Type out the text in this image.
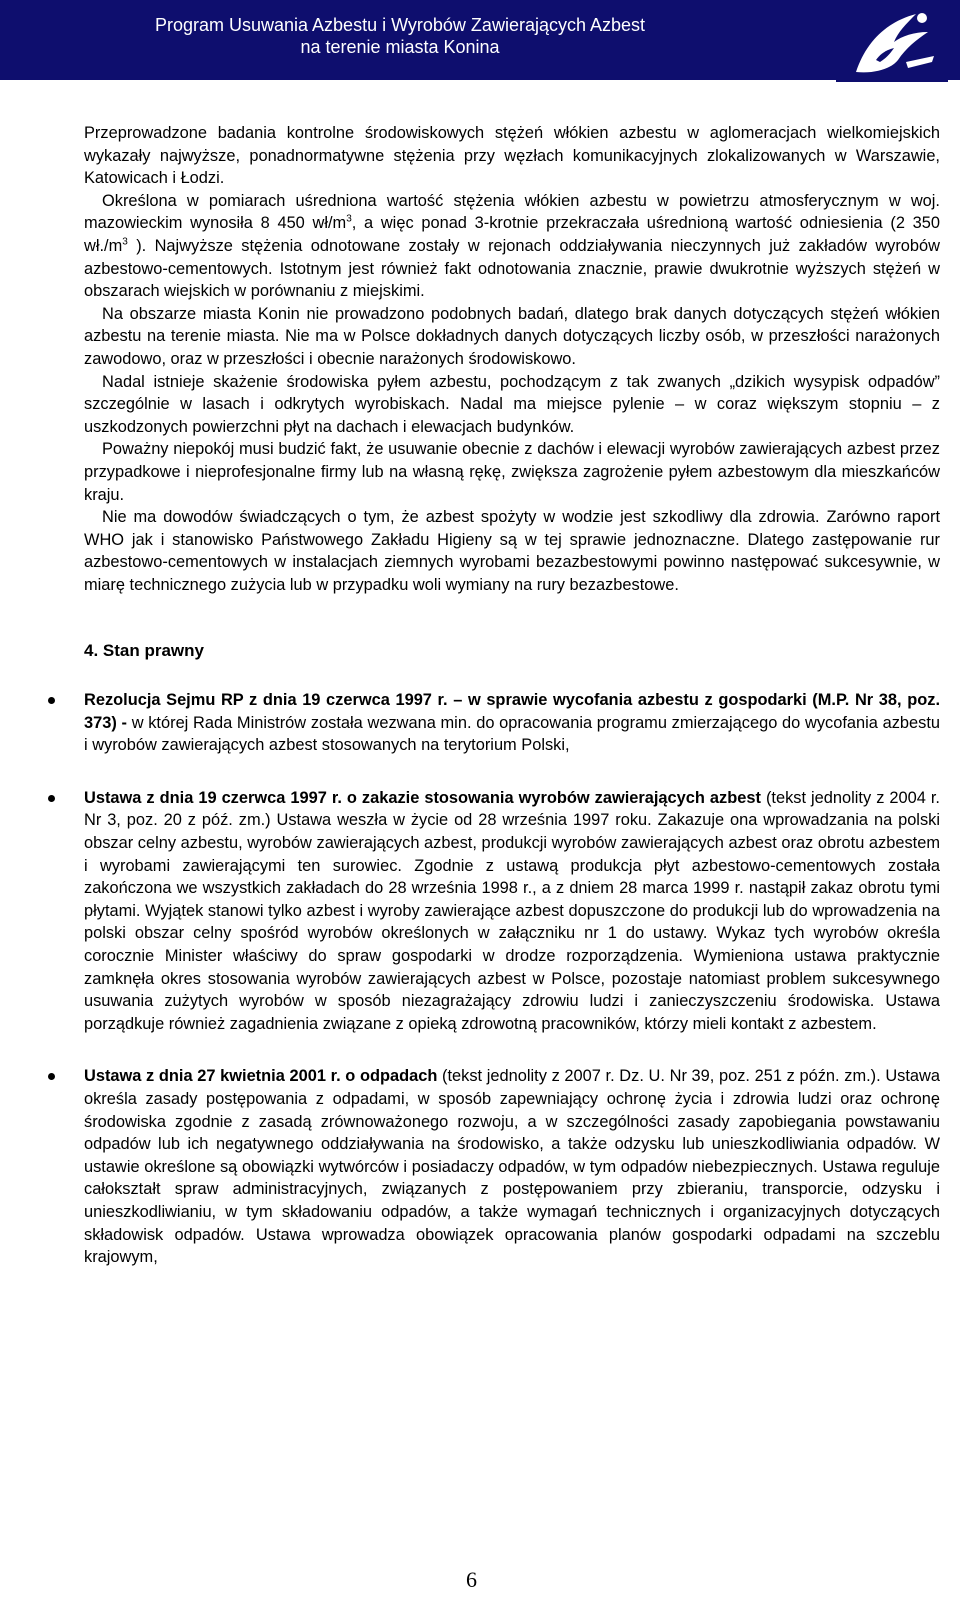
Program Usuwania Azbestu i Wyrobów Zawierających Azbest
na terenie miasta Konina

Przeprowadzone badania kontrolne środowiskowych stężeń włókien azbestu w aglomeracjach wielkomiejskich wykazały najwyższe, ponadnormatywne stężenia przy węzłach komunikacyjnych zlokalizowanych w Warszawie, Katowicach i Łodzi.

Określona w pomiarach uśredniona wartość stężenia włókien azbestu w powietrzu atmosferycznym w woj. mazowieckim wynosiła 8 450 $wł/m^3$, a więc ponad 3-krotnie przekraczała uśrednioną wartość odniesienia (2 350 $wł./m^3$ ). Najwyższe stężenia odnotowane zostały w rejonach oddziaływania nieczynnych już zakładów wyrobów azbestowo-cementowych. Istotnym jest również fakt odnotowania znacznie, prawie dwukrotnie wyższych stężeń w obszarach wiejskich w porównaniu z miejskimi.

Na obszarze miasta Konin nie prowadzono podobnych badań, dlatego brak danych dotyczących stężeń włókien azbestu na terenie miasta. Nie ma w Polsce dokładnych danych dotyczących liczby osób, w przeszłości narażonych zawodowo, oraz w przeszłości i obecnie narażonych środowiskowo.

Nadal istnieje skażenie środowiska pyłem azbestu, pochodzącym z tak zwanych „dzikich wysypisk odpadów” szczególnie w lasach i odkrytych wyrobiskach. Nadal ma miejsce pylenie – w coraz większym stopniu – z uszkodzonych powierzchni płyt na dachach i elewacjach budynków.

Poważny niepokój musi budzić fakt, że usuwanie obecnie z dachów i elewacji wyrobów zawierających azbest przez przypadkowe i nieprofesjonalne firmy lub na własną rękę, zwiększa zagrożenie pyłem azbestowym dla mieszkańców kraju.

Nie ma dowodów świadczących o tym, że azbest spożyty w wodzie jest szkodliwy dla zdrowia. Zarówno raport WHO jak i stanowisko Państwowego Zakładu Higieny są w tej sprawie jednoznaczne. Dlatego zastępowanie rur azbestowo-cementowych w instalacjach ziemnych wyrobami bezazbestowymi powinno następować sukcesywnie, w miarę technicznego zużycia lub w przypadku woli wymiany na rury bezazbestowe.

4. Stan prawny
Rezolucja Sejmu RP z dnia 19 czerwca 1997 r. – w sprawie wycofania azbestu z gospodarki (M.P. Nr 38, poz. 373) - w której Rada Ministrów została wezwana min. do opracowania programu zmierzającego do wycofania azbestu i wyrobów zawierających azbest stosowanych na terytorium Polski,
Ustawa z dnia 19 czerwca 1997 r. o zakazie stosowania wyrobów zawierających azbest (tekst jednolity z 2004 r. Nr 3, poz. 20 z póź. zm.) Ustawa weszła w życie od 28 września 1997 roku. Zakazuje ona wprowadzania na polski obszar celny azbestu, wyrobów zawierających azbest, produkcji wyrobów zawierających azbest oraz obrotu azbestem i wyrobami zawierającymi ten surowiec. Zgodnie z ustawą produkcja płyt azbestowo-cementowych została zakończona we wszystkich zakładach do 28 września 1998 r., a z dniem 28 marca 1999 r. nastąpił zakaz obrotu tymi płytami. Wyjątek stanowi tylko azbest i wyroby zawierające azbest dopuszczone do produkcji lub do wprowadzenia na polski obszar celny spośród wyrobów określonych w załączniku nr 1 do ustawy. Wykaz tych wyrobów określa corocznie Minister właściwy do spraw gospodarki w drodze rozporządzenia. Wymieniona ustawa praktycznie zamknęła okres stosowania wyrobów zawierających azbest w Polsce, pozostaje natomiast problem sukcesywnego usuwania zużytych wyrobów w sposób niezagrażający zdrowiu ludzi i zanieczyszczeniu środowiska. Ustawa porządkuje również zagadnienia związane z opieką zdrowotną pracowników, którzy mieli kontakt z azbestem.
Ustawa z dnia 27 kwietnia 2001 r. o odpadach (tekst jednolity z 2007 r. Dz. U. Nr 39, poz. 251 z późn. zm.). Ustawa określa zasady postępowania z odpadami, w sposób zapewniający ochronę życia i zdrowia ludzi oraz ochronę środowiska zgodnie z zasadą zrównoważonego rozwoju, a w szczególności zasady zapobiegania powstawaniu odpadów lub ich negatywnego oddziaływania na środowisko, a także odzysku lub unieszkodliwiania odpadów. W ustawie określone są obowiązki wytwórców i posiadaczy odpadów, w tym odpadów niebezpiecznych. Ustawa reguluje całokształt spraw administracyjnych, związanych z postępowaniem przy zbieraniu, transporcie, odzysku i unieszkodliwianiu, w tym składowaniu odpadów, a także wymagań technicznych i organizacyjnych dotyczących składowisk odpadów. Ustawa wprowadza obowiązek opracowania planów gospodarki odpadami na szczeblu krajowym,
6
